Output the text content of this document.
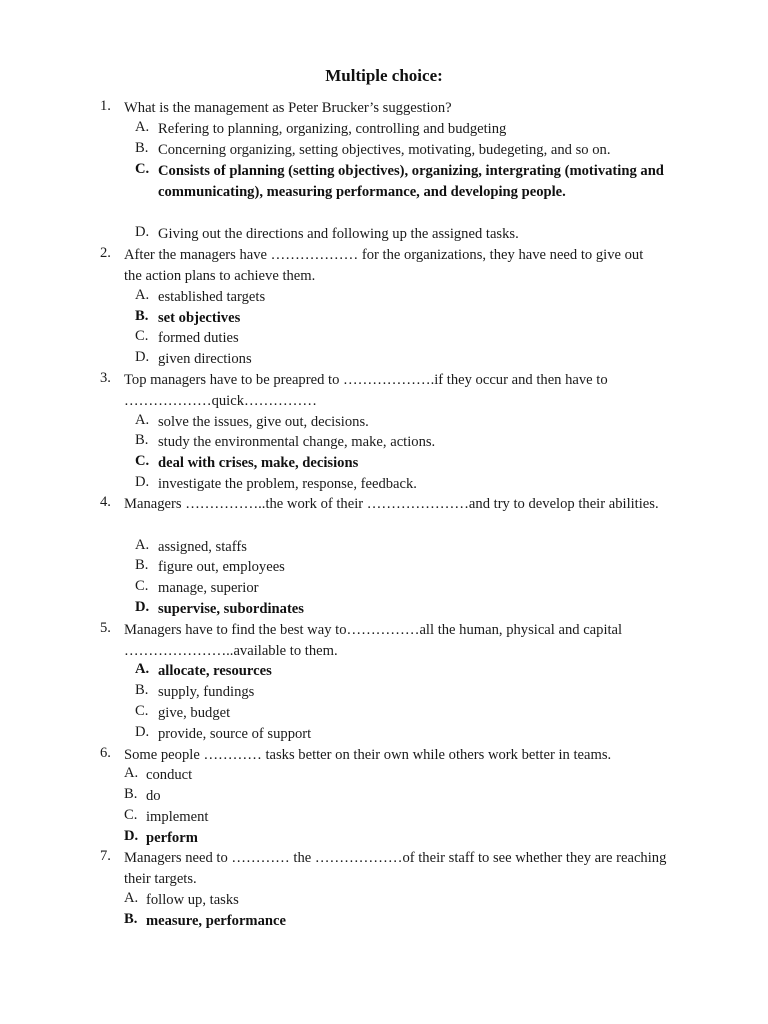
Multiple choice:
1. What is the management as Peter Brucker’s suggestion?
A. Refering to planning, organizing, controlling and budgeting
B. Concerning organizing, setting objectives, motivating, budegeting, and so on.
C. Consists of planning (setting objectives), organizing, intergrating (motivating and communicating), measuring performance, and developing people.
D. Giving out the directions and following up the assigned tasks.
2. After the managers have ……………… for the organizations, they have need to give out the action plans to achieve them.
A. established targets
B. set objectives
C. formed duties
D. given directions
3. Top managers have to be preapred to ……………….if they occur and then have to ………………quick……………
A. solve the issues, give out, decisions.
B. study the environmental change, make, actions.
C. deal with crises, make, decisions
D. investigate the problem, response, feedback.
4. Managers ……………..the work of their …………………and try to develop their abilities.
A. assigned, staffs
B. figure out, employees
C. manage, superior
D. supervise, subordinates
5. Managers have to find the best way to……………all the human, physical and capital …………………..available to them.
A. allocate, resources
B. supply, fundings
C. give, budget
D. provide, source of support
6. Some people ………… tasks better on their own while others work better in teams.
A. conduct
B. do
C. implement
D. perform
7. Managers need to ………… the ………………of their staff to see whether they are reaching their targets.
A. follow up, tasks
B. measure, performance
